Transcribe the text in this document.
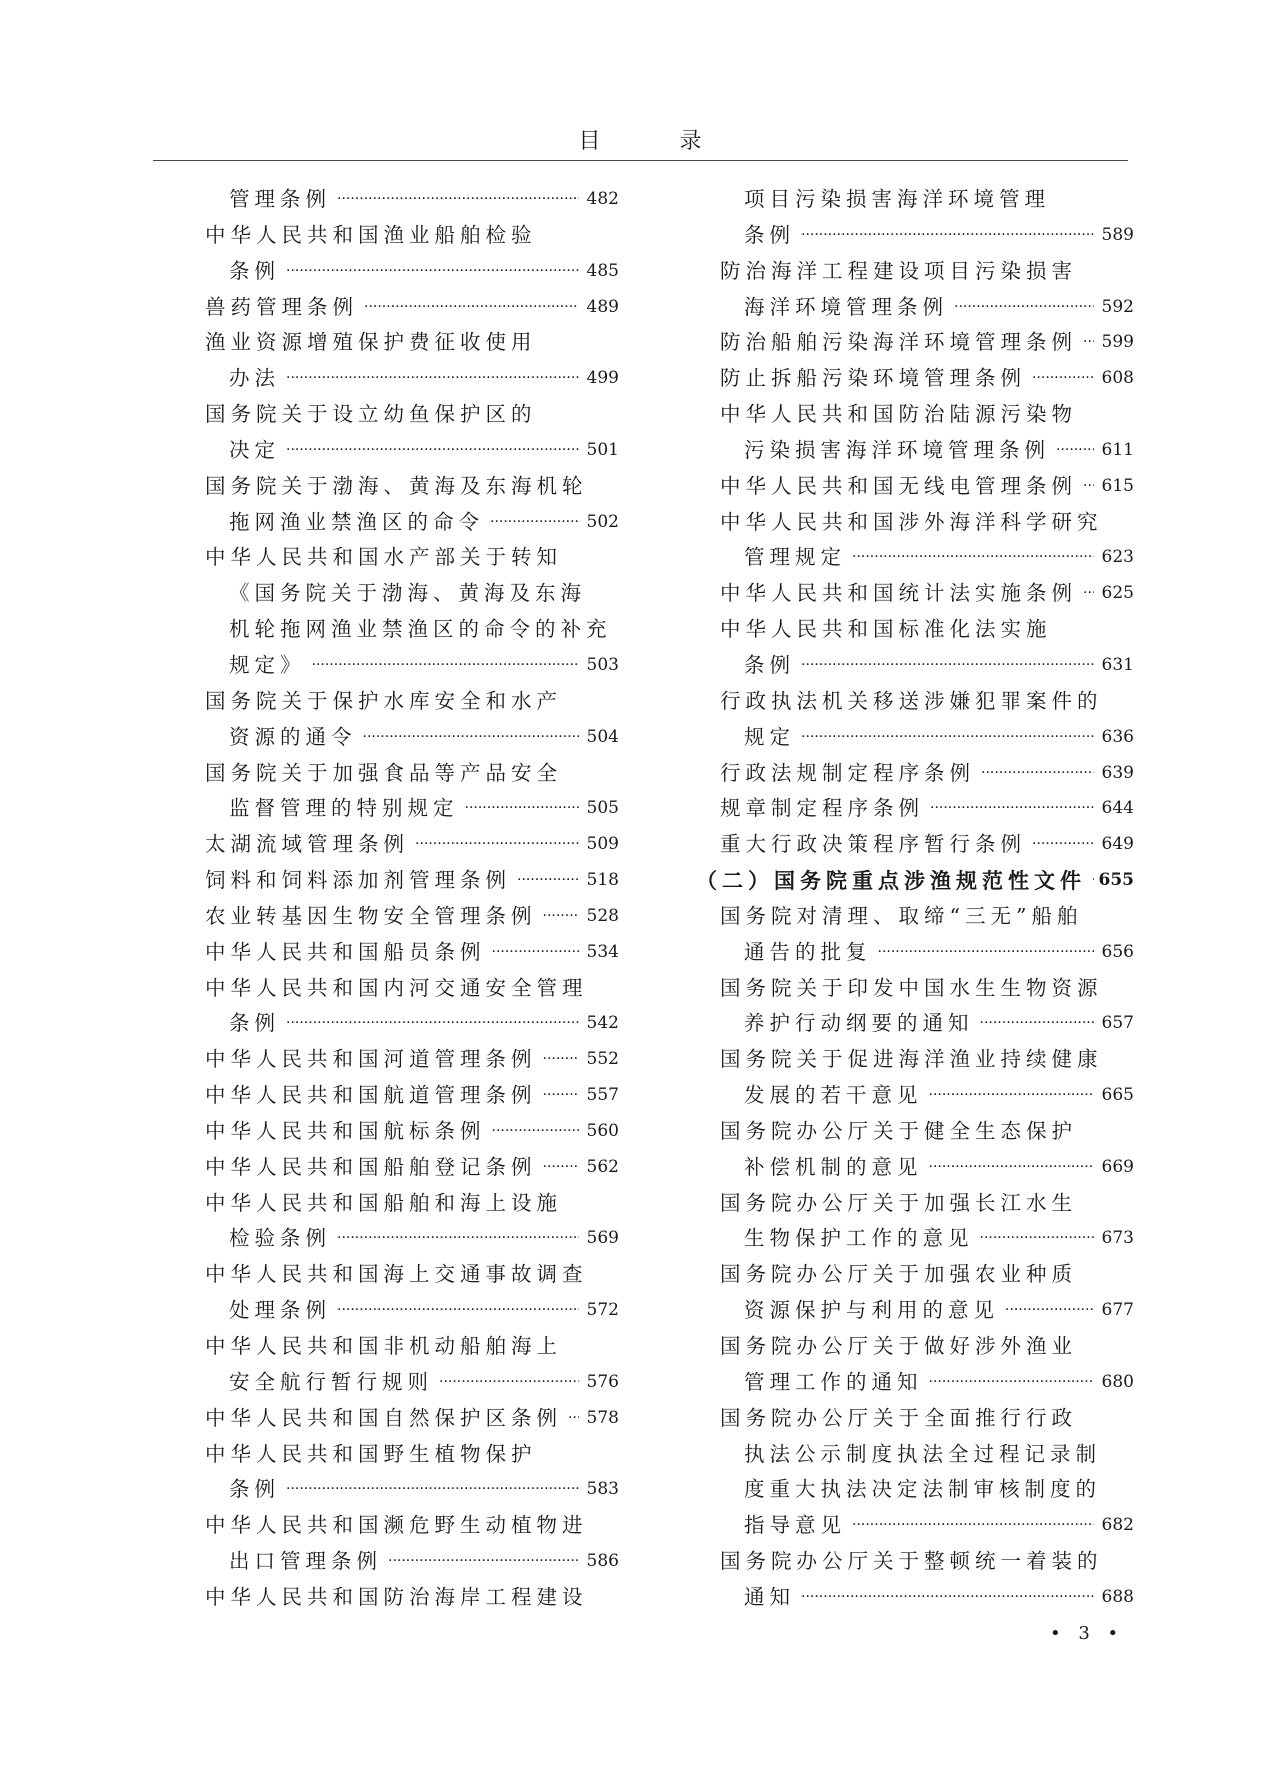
目 录
管理条例 ·····	482
中华人民共和国渔业船舶检验
条例 ·····	485
兽药管理条例 ·····	489
渔业资源增殖保护费征收使用
办法 ·····	499
国务院关于设立幼鱼保护区的
决定 ·····	501
国务院关于渤海、黄海及东海机轮
拖网渔业禁渔区的命令 ·····	502
中华人民共和国水产部关于转知
《国务院关于渤海、黄海及东海
机轮拖网渔业禁渔区的命令的补充
规定》 ·····	503
国务院关于保护水库安全和水产
资源的通令 ·····	504
国务院关于加强食品等产品安全
监督管理的特别规定 ·····	505
太湖流域管理条例 ·····	509
饲料和饲料添加剂管理条例 ·····	518
农业转基因生物安全管理条例 ·····	528
中华人民共和国船员条例 ·····	534
中华人民共和国内河交通安全管理
条例 ·····	542
中华人民共和国河道管理条例 ·····	552
中华人民共和国航道管理条例 ·····	557
中华人民共和国航标条例 ·····	560
中华人民共和国船舶登记条例 ·····	562
中华人民共和国船舶和海上设施
检验条例 ·····	569
中华人民共和国海上交通事故调查
处理条例 ·····	572
中华人民共和国非机动船舶海上
安全航行暂行规则 ·····	576
中华人民共和国自然保护区条例 ····· 578
中华人民共和国野生植物保护
条例 ·····	583
中华人民共和国濒危野生动植物进
出口管理条例 ·····	586
中华人民共和国防治海岸工程建设
项目污染损害海洋环境管理
条例 ·····	589
防治海洋工程建设项目污染损害
海洋环境管理条例 ·····	592
防治船舶污染海洋环境管理条例 ····· 599
防止拆船污染环境管理条例 ·····	608
中华人民共和国防治陆源污染物
污染损害海洋环境管理条例 ·····	611
中华人民共和国无线电管理条例 ····· 615
中华人民共和国涉外海洋科学研究
管理规定 ·····	623
中华人民共和国统计法实施条例 ····· 625
中华人民共和国标准化法实施
条例 ·····	631
行政执法机关移送涉嫌犯罪案件的
规定 ·····	636
行政法规制定程序条例 ·····	639
规章制定程序条例 ·····	644
重大行政决策程序暂行条例 ·····	649
（二）国务院重点涉渔规范性文件 ····· 655
国务院对清理、取缔“三无”船舶
通告的批复 ·····	656
国务院关于印发中国水生生物资源
养护行动纲要的通知 ·····	657
国务院关于促进海洋渔业持续健康
发展的若干意见 ·····	665
国务院办公厅关于健全生态保护
补偿机制的意见 ·····	669
国务院办公厅关于加强长江水生
生物保护工作的意见 ·····	673
国务院办公厅关于加强农业种质
资源保护与利用的意见 ·····	677
国务院办公厅关于做好涉外渔业
管理工作的通知 ·····	680
国务院办公厅关于全面推行行政
执法公示制度执法全过程记录制
度重大执法决定法制审核制度的
指导意见 ·····	682
国务院办公厅关于整顿统一着装的
通知 ·····	688
• 3 •
